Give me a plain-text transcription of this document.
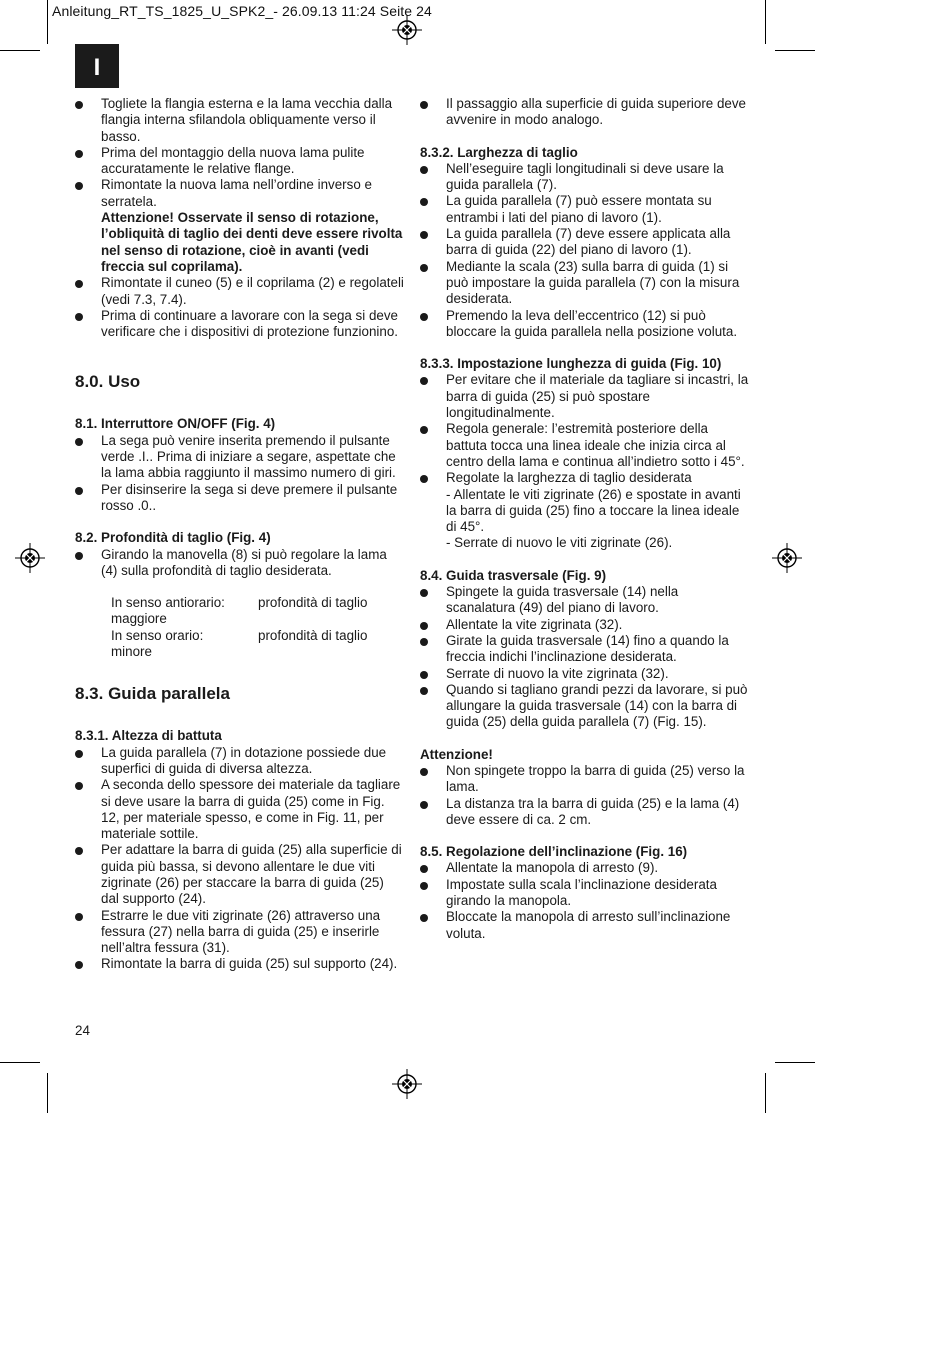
Anleitung_RT_TS_1825_U_SPK2_- 26.09.13 11:24 Seite 24
I
Togliete la flangia esterna e la lama vecchia dalla flangia interna sfilandola obliquamente verso il basso.
Prima del montaggio della nuova lama pulite accuratamente le relative flange.
Rimontate la nuova lama nell’ordine inverso e serratela.
Attenzione! Osservate il senso di rotazione, l’obliquità di taglio dei denti deve essere rivolta nel senso di rotazione, cioè in avanti (vedi freccia sul coprilama).
Rimontate il cuneo (5) e il coprilama (2) e regolateli (vedi 7.3, 7.4).
Prima di continuare a lavorare con la sega si deve verificare che i dispositivi di protezione funzionino.
8.0. Uso
8.1. Interruttore ON/OFF (Fig. 4)
La sega può venire inserita premendo il pulsante verde .I.. Prima di iniziare a segare, aspettate che la lama abbia raggiunto il massimo numero di giri.
Per disinserire la sega si deve premere il pulsante rosso .0..
8.2. Profondità di taglio (Fig. 4)
Girando la manovella (8) si può regolare la lama (4) sulla profondità di taglio desiderata.
In senso antiorario:	profondità di taglio
maggiore	
In senso orario:	profondità di taglio
minore	
8.3. Guida parallela
8.3.1. Altezza di battuta
La guida parallela (7) in dotazione possiede due superfici di guida di diversa altezza.
A seconda dello spessore dei materiale da tagliare si deve usare la barra di guida (25) come in Fig. 12, per materiale spesso, e come in Fig. 11, per materiale sottile.
Per adattare la barra di guida (25) alla superficie di guida più bassa, si devono allentare le due viti zigrinate (26) per staccare la barra di guida (25) dal supporto (24).
Estrarre le due viti zigrinate (26) attraverso una fessura (27) nella barra di guida (25) e inserirle nell’altra fessura (31).
Rimontate la barra di guida (25) sul supporto (24).
Il passaggio alla superficie di guida superiore deve avvenire in modo analogo.
8.3.2. Larghezza di taglio
Nell’eseguire tagli longitudinali si deve usare la guida parallela (7).
La guida parallela (7) può essere montata su entrambi i lati del piano di lavoro (1).
La guida parallela (7) deve essere applicata alla barra di guida (22) del piano di lavoro (1).
Mediante la scala (23) sulla barra di guida (1) si può impostare la guida parallela (7) con la misura desiderata.
Premendo la leva dell’eccentrico (12) si può bloccare la guida parallela nella posizione voluta.
8.3.3. Impostazione lunghezza di guida (Fig. 10)
Per evitare che il materiale da tagliare si incastri, la barra di guida (25) si può spostare longitudinalmente.
Regola generale: l’estremità posteriore della battuta tocca una linea ideale che inizia circa al centro della lama e continua all’indietro sotto i 45°.
Regolate la larghezza di taglio desiderata
- Allentate le viti zigrinate (26) e spostate in avanti la barra di guida (25) fino a toccare la linea ideale di 45°.
- Serrate di nuovo le viti zigrinate (26).
8.4. Guida trasversale (Fig. 9)
Spingete la guida trasversale (14) nella scanalatura (49) del piano di lavoro.
Allentate la vite zigrinata (32).
Girate la guida trasversale (14) fino a quando la freccia indichi l’inclinazione desiderata.
Serrate di nuovo la vite zigrinata (32).
Quando si tagliano grandi pezzi da lavorare, si può allungare la guida trasversale (14) con la barra di guida (25) della guida parallela (7) (Fig. 15).
Attenzione!
Non spingete troppo la barra di guida (25) verso la lama.
La distanza tra la barra di guida (25) e la lama (4) deve essere di ca. 2 cm.
8.5. Regolazione dell’inclinazione (Fig. 16)
Allentate la manopola di arresto (9).
Impostate sulla scala l’inclinazione desiderata girando la manopola.
Bloccate la manopola di arresto sull’inclinazione voluta.
24
